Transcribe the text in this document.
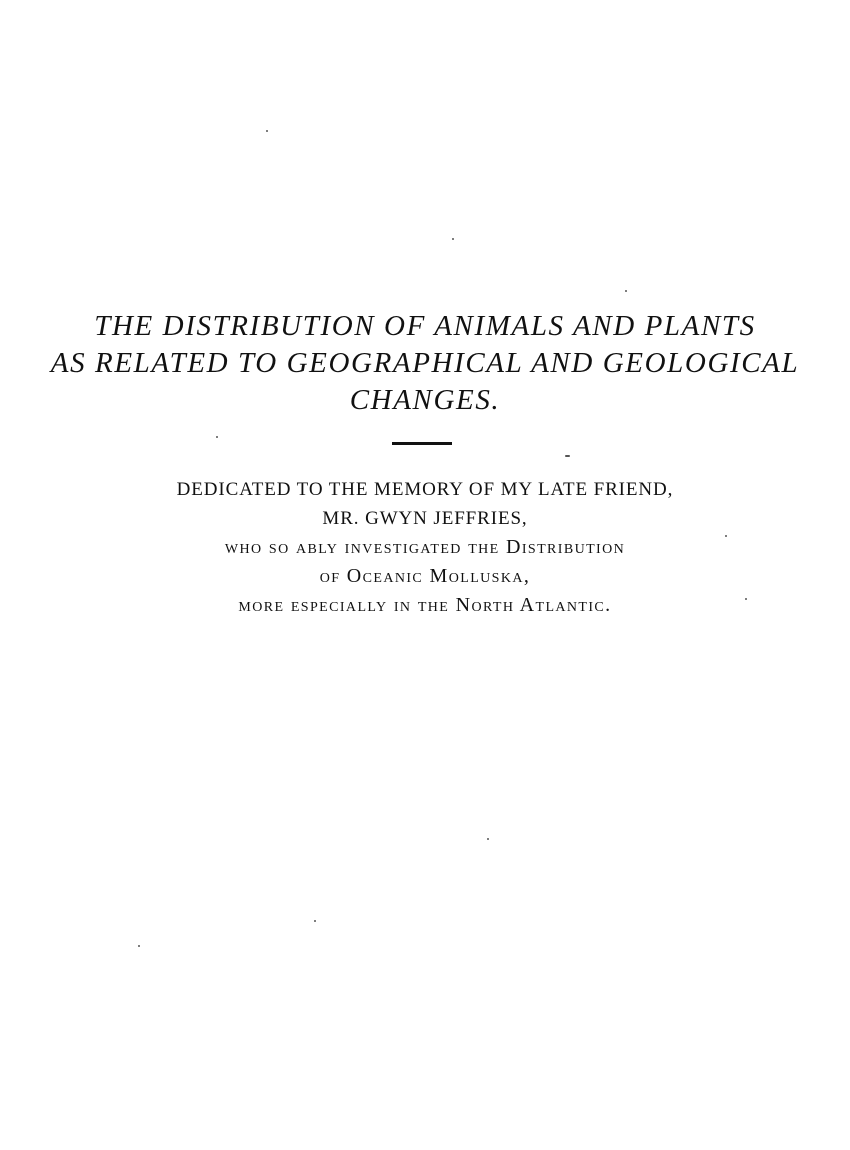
THE DISTRIBUTION OF ANIMALS AND PLANTS
AS RELATED TO GEOGRAPHICAL AND GEOLOGICAL
CHANGES.
DEDICATED TO THE MEMORY OF MY LATE FRIEND,
MR. GWYN JEFFRIES,
who so ably investigated the Distribution
of Oceanic Molluska,
more especially in the North Atlantic.
